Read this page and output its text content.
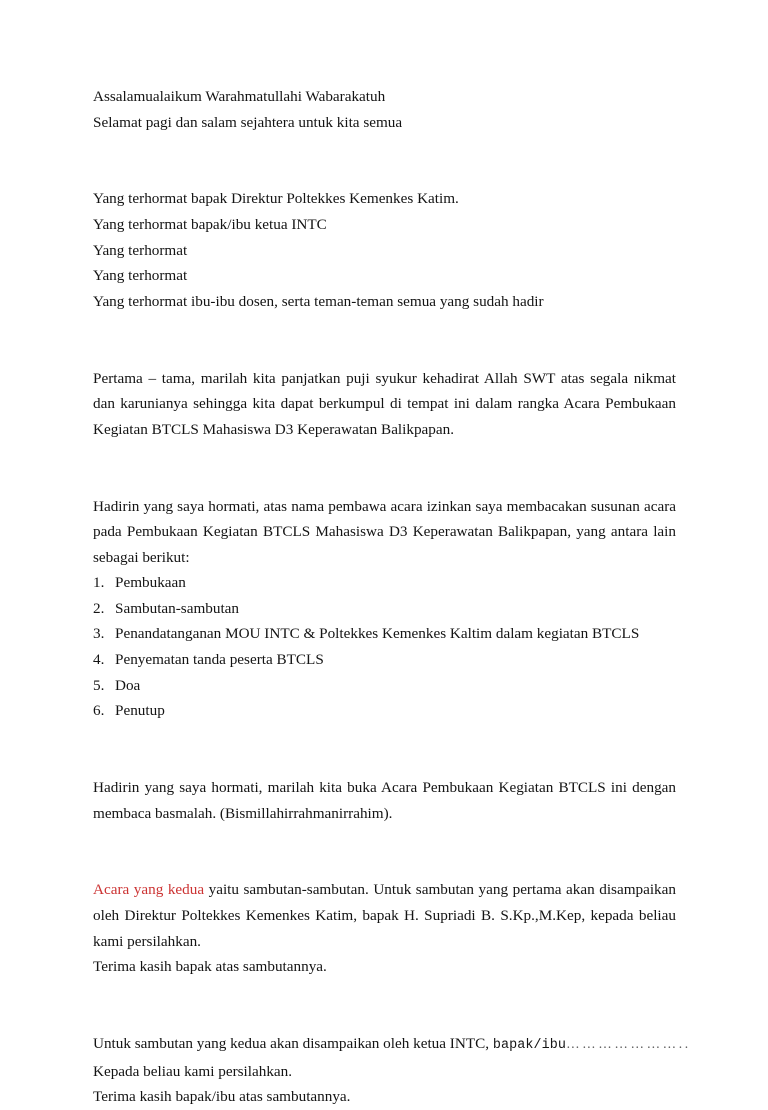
Assalamualaikum Warahmatullahi Wabarakatuh

Selamat pagi dan salam sejahtera untuk kita semua

Yang terhormat bapak Direktur Poltekkes Kemenkes Katim.

Yang terhormat bapak/ibu ketua INTC

Yang terhormat

Yang terhormat

Yang terhormat ibu-ibu dosen, serta teman-teman semua yang sudah hadir

Pertama – tama, marilah kita panjatkan puji syukur kehadirat Allah SWT atas segala nikmat dan karunianya sehingga kita dapat berkumpul di tempat ini dalam rangka Acara Pembukaan Kegiatan BTCLS Mahasiswa D3 Keperawatan Balikpapan.

Hadirin yang saya hormati, atas nama pembawa acara izinkan saya membacakan susunan acara pada Pembukaan Kegiatan BTCLS Mahasiswa D3 Keperawatan Balikpapan, yang antara lain sebagai berikut:

1. Pembukaan
2. Sambutan-sambutan
3. Penandatanganan MOU INTC & Poltekkes Kemenkes Kaltim dalam kegiatan BTCLS
4. Penyematan tanda peserta BTCLS
5. Doa
6. Penutup

Hadirin yang saya hormati, marilah kita buka Acara Pembukaan Kegiatan BTCLS ini dengan membaca basmalah. (Bismillahirrahmanirrahim).

Acara yang kedua yaitu sambutan-sambutan. Untuk sambutan yang pertama akan disampaikan oleh Direktur Poltekkes Kemenkes Katim, bapak H. Supriadi B. S.Kp.,M.Kep, kepada beliau kami persilahkan.

Terima kasih bapak atas sambutannya.

Untuk sambutan yang kedua akan disampaikan oleh ketua INTC, bapak/ibu…………………..

Kepada beliau kami persilahkan.

Terima kasih bapak/ibu atas sambutannya.
